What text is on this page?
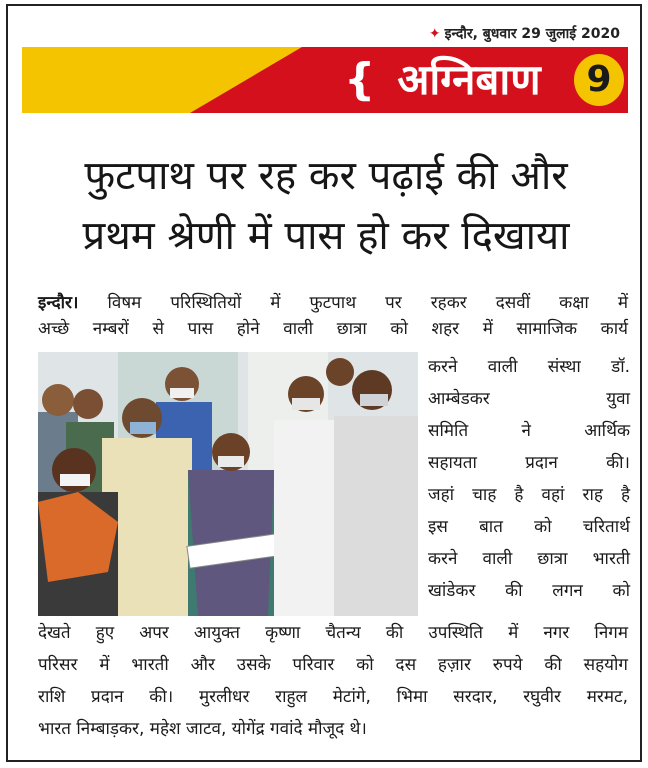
✦ इन्दौर, बुधवार 29 जुलाई 2020
{ अग्निबाण	9
फुटपाथ पर रह कर पढ़ाई की और
प्रथम श्रेणी में पास हो कर दिखाया
इन्दौर। विषम परिस्थितियों में फुटपाथ पर रहकर दसवीं कक्षा में
अच्छे नम्बरों से पास होने वाली छात्रा को शहर में सामाजिक कार्य
करने वाली संस्था डॉ.
आम्बेडकर युवा
समिति ने आर्थिक
सहायता प्रदान की।
जहां चाह है वहां राह है
इस बात को चरितार्थ
करने वाली छात्रा भारती
खांडेकर की लगन को
देखते हुए अपर आयुक्त कृष्णा चैतन्य की उपस्थिति में नगर निगम
परिसर में भारती और उसके परिवार को दस हज़ार रुपये की सहयोग
राशि प्रदान की। मुरलीधर राहुल मेटांगे, भिमा सरदार, रघुवीर मरमट,
भारत निम्बाड़कर, महेश जाटव, योगेंद्र गवांदे मौजूद थे।
